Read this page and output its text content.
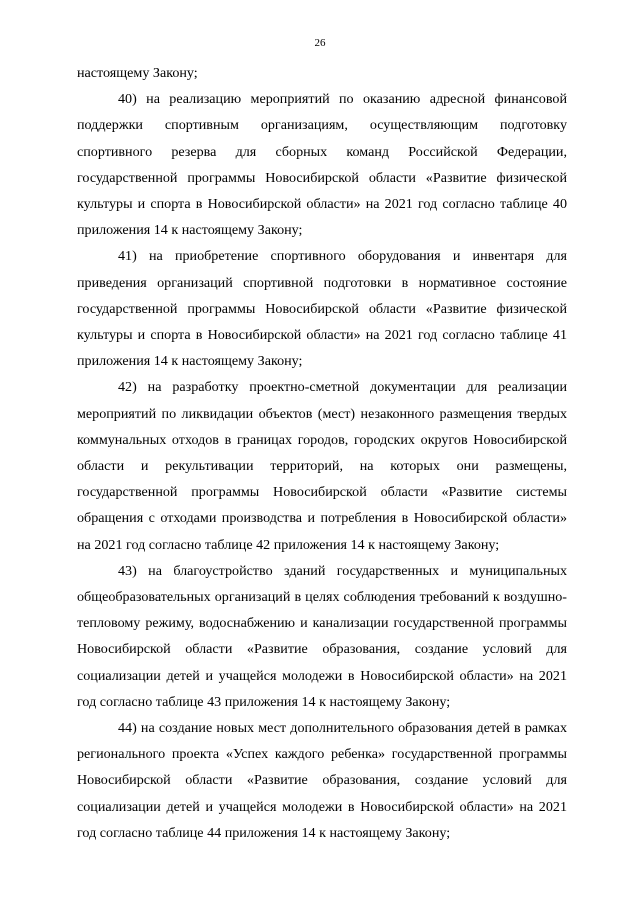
26

настоящему Закону;

40) на реализацию мероприятий по оказанию адресной финансовой поддержки спортивным организациям, осуществляющим подготовку спортивного резерва для сборных команд Российской Федерации, государственной программы Новосибирской области «Развитие физической культуры и спорта в Новосибирской области» на 2021 год согласно таблице 40 приложения 14 к настоящему Закону;

41) на приобретение спортивного оборудования и инвентаря для приведения организаций спортивной подготовки в нормативное состояние государственной программы Новосибирской области «Развитие физической культуры и спорта в Новосибирской области» на 2021 год согласно таблице 41 приложения 14 к настоящему Закону;

42) на разработку проектно-сметной документации для реализации мероприятий по ликвидации объектов (мест) незаконного размещения твердых коммунальных отходов в границах городов, городских округов Новосибирской области и рекультивации территорий, на которых они размещены, государственной программы Новосибирской области «Развитие системы обращения с отходами производства и потребления в Новосибирской области» на 2021 год согласно таблице 42 приложения 14 к настоящему Закону;

43) на благоустройство зданий государственных и муниципальных общеобразовательных организаций в целях соблюдения требований к воздушно-тепловому режиму, водоснабжению и канализации государственной программы Новосибирской области «Развитие образования, создание условий для социализации детей и учащейся молодежи в Новосибирской области» на 2021 год согласно таблице 43 приложения 14 к настоящему Закону;

44) на создание новых мест дополнительного образования детей в рамках регионального проекта «Успех каждого ребенка» государственной программы Новосибирской области «Развитие образования, создание условий для социализации детей и учащейся молодежи в Новосибирской области» на 2021 год согласно таблице 44 приложения 14 к настоящему Закону;
